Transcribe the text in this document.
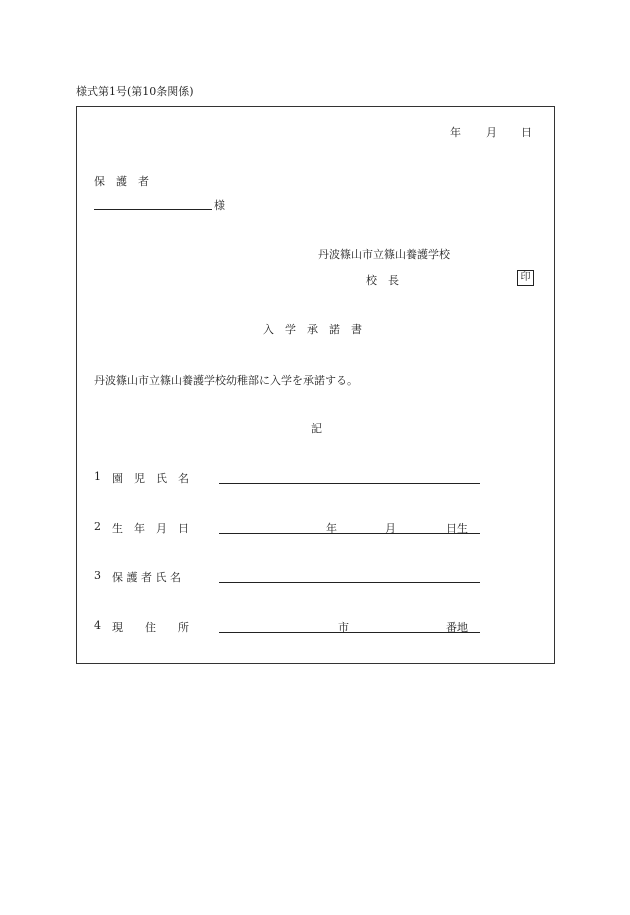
様式第1号(第10条関係)
年 月 日
保　護　者
様
丹波篠山市立篠山養護学校
校　長	印
入　学　承　諾　書
丹波篠山市立篠山養護学校幼稚部に入学を承諾する。
記
1 園　児　氏　名
2 生　年　月　日	年	月	日生
3 保 護 者 氏 名
4 現　　住　　所	市	番地
